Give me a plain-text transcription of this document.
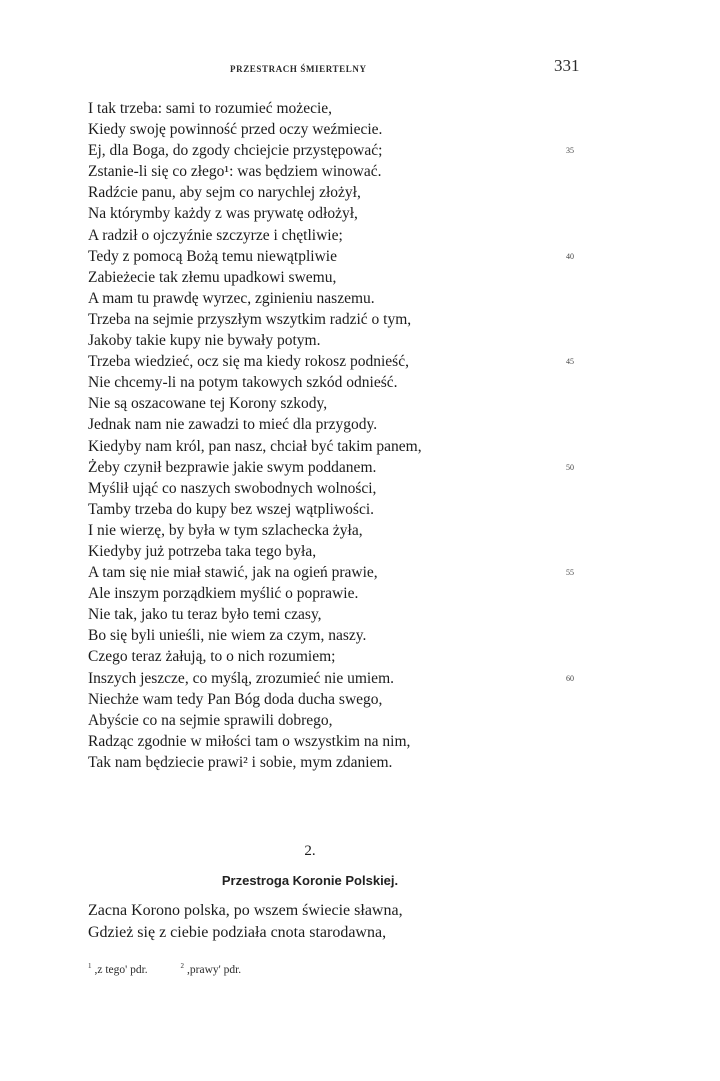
PRZESTRACH ŚMIERTELNY	331
I tak trzeba: sami to rozumieć możecie,
Kiedy swoję powinność przed oczy weźmiecie.
Ej, dla Boga, do zgody chciejcie przystępować;	35
Zstanie-li się co złego¹: was będziem winować.
Radźcie panu, aby sejm co narychlej złożył,
Na którymby każdy z was prywatę odłożył,
A radził o ojczyźnie szczyrze i chętliwie;
Tedy z pomocą Bożą temu niewątpliwie	40
Zabieżecie tak złemu upadkowi swemu,
A mam tu prawdę wyrzec, zginieniu naszemu.
Trzeba na sejmie przyszłym wszytkim radzić o tym,
Jakoby takie kupy nie bywały potym.
Trzeba wiedzieć, ocz się ma kiedy rokosz podnieść,	45
Nie chcemy-li na potym takowych szkód odnieść.
Nie są oszacowane tej Korony szkody,
Jednak nam nie zawadzi to mieć dla przygody.
Kiedyby nam król, pan nasz, chciał być takim panem,
Żeby czynił bezprawie jakie swym poddanem.	50
Myślił ująć co naszych swobodnych wolności,
Tamby trzeba do kupy bez wszej wątpliwości.
I nie wierzę, by była w tym szlachecka żyła,
Kiedyby już potrzeba taka tego była,
A tam się nie miał stawić, jak na ogień prawie,	55
Ale inszym porządkiem myślić o poprawie.
Nie tak, jako tu teraz było temi czasy,
Bo się byli unieśli, nie wiem za czym, naszy.
Czego teraz żałują, to o nich rozumiem;
Inszych jeszcze, co myślą, zrozumieć nie umiem.	60
Niechże wam tedy Pan Bóg doda ducha swego,
Abyście co na sejmie sprawili dobrego,
Radząc zgodnie w miłości tam o wszystkim na nim,
Tak nam będziecie prawi² i sobie, mym zdaniem.
2.
Przestroga Koronie Polskiej.
Zacna Korono polska, po wszem świecie sławna,
Gdzież się z ciebie podziała cnota starodawna,
$^1$ ,z tego' pdr.	$^2$ ,prawy' pdr.
